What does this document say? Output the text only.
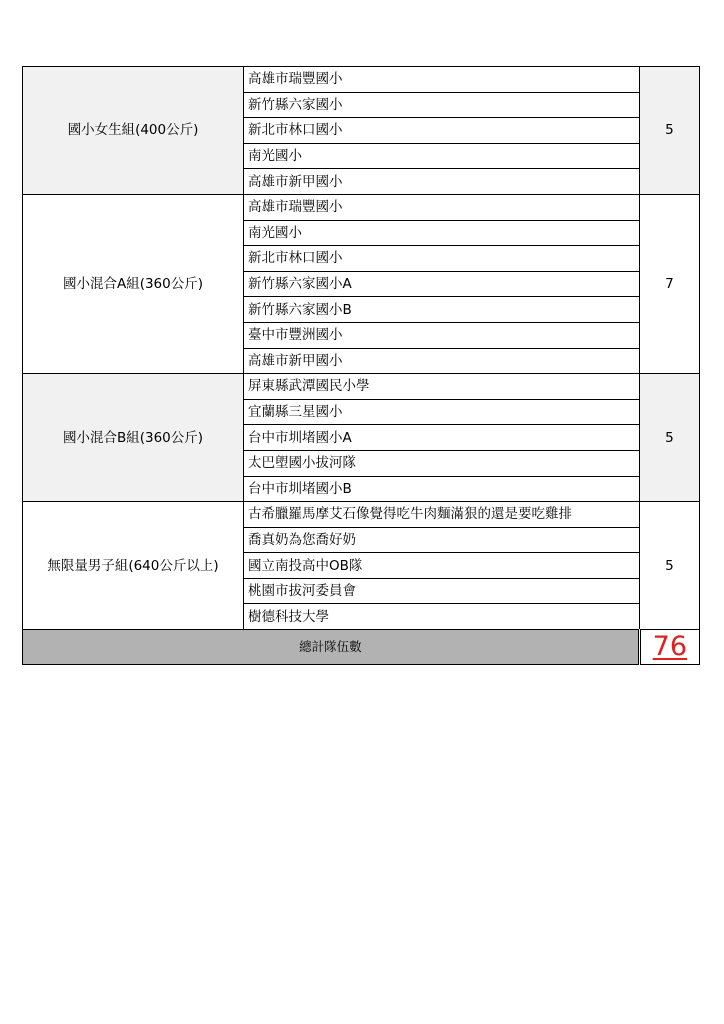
國小女生組(400公斤)	高雄市瑞豐國小	5
	新竹縣六家國小	
	新北市林口國小	
	南光國小	
	高雄市新甲國小	
國小混合A組(360公斤)	高雄市瑞豐國小	7
	南光國小	
	新北市林口國小	
	新竹縣六家國小A	
	新竹縣六家國小B	
	臺中市豐洲國小	
	高雄市新甲國小	
國小混合B組(360公斤)	屏東縣武潭國民小學	5
	宜蘭縣三星國小	
	台中市圳堵國小A	
	太巴塱國小拔河隊	
	台中市圳堵國小B	
無限量男子組(640公斤以上)	古希臘羅馬摩艾石像覺得吃牛肉麵滿狠的還是要吃雞排	5
	喬真奶為您喬好奶	
	國立南投高中OB隊	
	桃園市拔河委員會	
	樹德科技大學	
總計隊伍數		76
